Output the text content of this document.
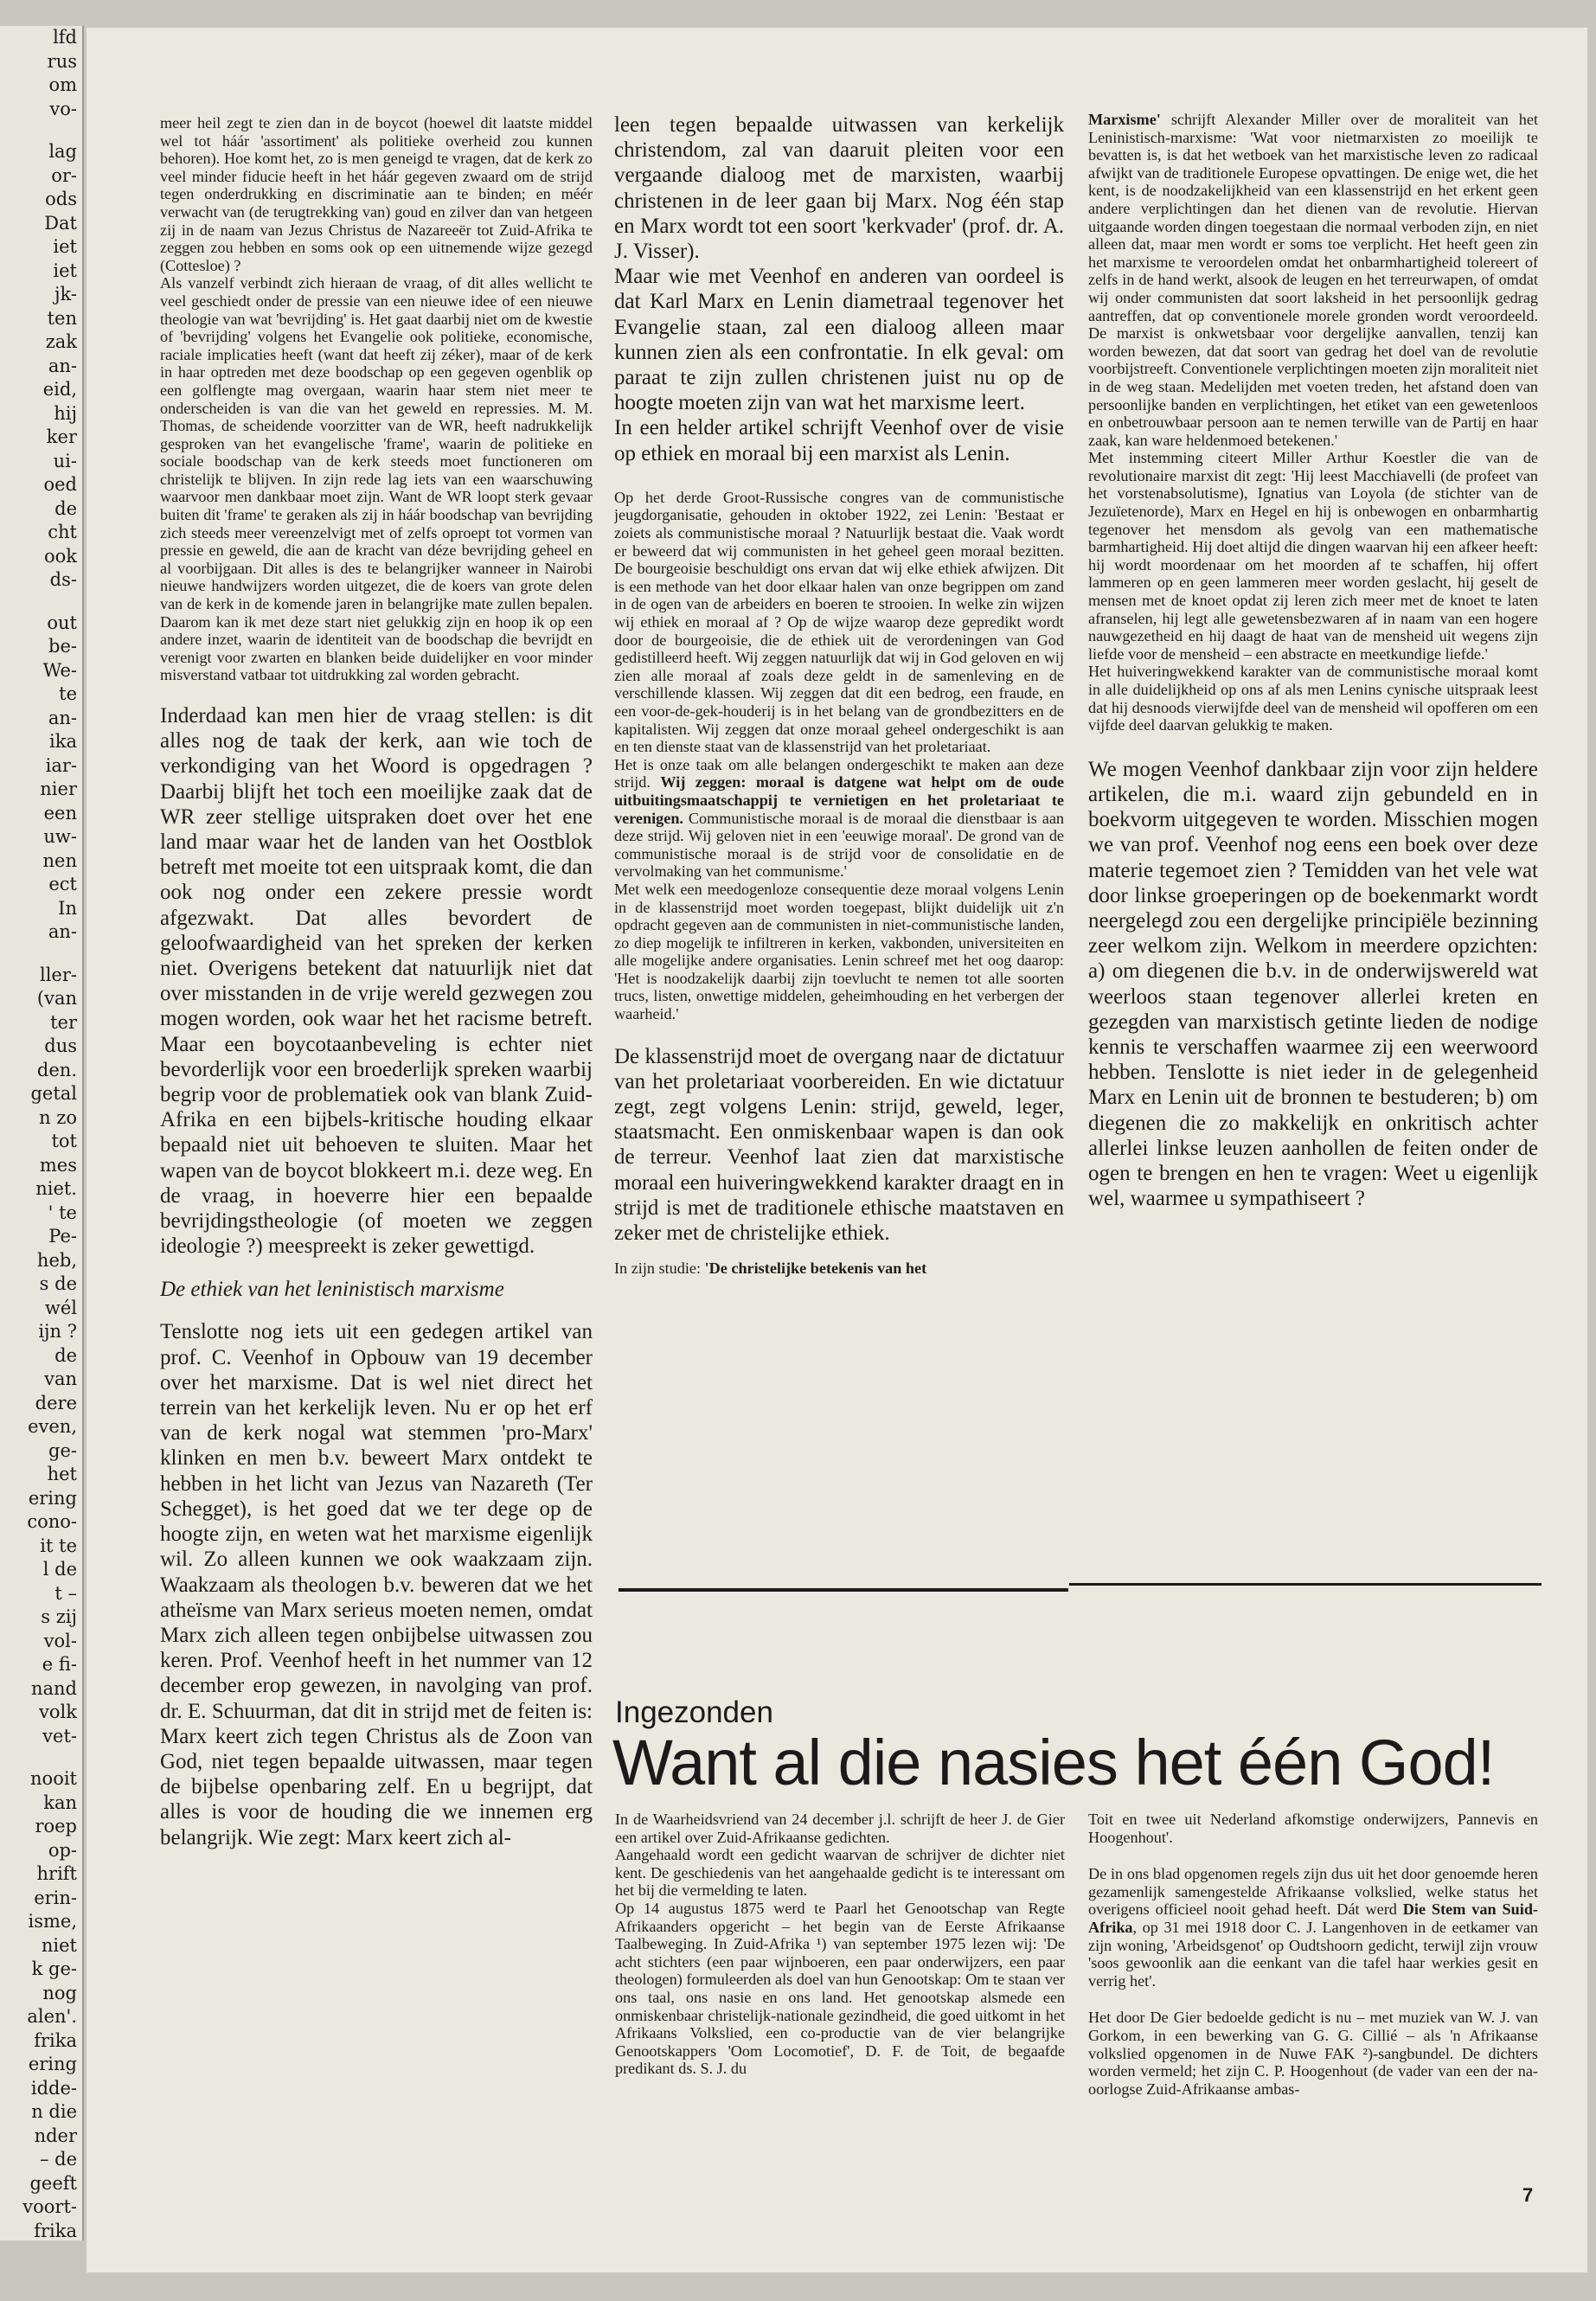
lfd
rus
om
vo-
lag
or-
ods
Dat
iet
iet
jk-
ten
zak
an-
eid,
hij
ker
ui-
oed
de
cht
ook
ds-
out
be-
We-
te
an-
ika
iar-
nier
een
uw-
nen
ect
In
an-
ller-
(van
ter
dus
den.
getal
n zo
tot
mes
niet.
' te
Pe-
heb,
s de
wél
ijn ?
de
van
dere
even,
ge-
het
ering
cono-
it te
l de
t –
s zij
vol-
e fi-
nand
volk
vet-
nooit
kan
roep
op-
hrift
erin-
isme,
niet
k ge-
nog
alen'.
frika
ering
idde-
n die
nder
– de
geeft
voort-
frika

meer heil zegt te zien dan in de boycot (hoewel dit laatste middel wel tot háár 'assortiment' als politieke overheid zou kunnen behoren). Hoe komt het, zo is men geneigd te vragen, dat de kerk zo veel minder fiducie heeft in het háár gegeven zwaard om de strijd tegen onderdrukking en discriminatie aan te binden; en méér verwacht van (de terugtrekking van) goud en zilver dan van hetgeen zij in de naam van Jezus Christus de Nazareeër tot Zuid-Afrika te zeggen zou hebben en soms ook op een uitnemende wijze gezegd (Cottesloe) ?
Als vanzelf verbindt zich hieraan de vraag, of dit alles wellicht te veel geschiedt onder de pressie van een nieuwe idee of een nieuwe theologie van wat 'bevrijding' is. Het gaat daarbij niet om de kwestie of 'bevrijding' volgens het Evangelie ook politieke, economische, raciale implicaties heeft (want dat heeft zij zéker), maar of de kerk in haar optreden met deze boodschap op een gegeven ogenblik op een golflengte mag overgaan, waarin haar stem niet meer te onderscheiden is van die van het geweld en repressies. M. M. Thomas, de scheidende voorzitter van de WR, heeft nadrukkelijk gesproken van het evangelische 'frame', waarin de politieke en sociale boodschap van de kerk steeds moet functioneren om christelijk te blijven. In zijn rede lag iets van een waarschuwing waarvoor men dankbaar moet zijn. Want de WR loopt sterk gevaar buiten dit 'frame' te geraken als zij in háár boodschap van bevrijding zich steeds meer vereenzelvigt met of zelfs oproept tot vormen van pressie en geweld, die aan de kracht van déze bevrijding geheel en al voorbijgaan. Dit alles is des te belangrijker wanneer in Nairobi nieuwe handwijzers worden uitgezet, die de koers van grote delen van de kerk in de komende jaren in belangrijke mate zullen bepalen. Daarom kan ik met deze start niet gelukkig zijn en hoop ik op een andere inzet, waarin de identiteit van de boodschap die bevrijdt en verenigt voor zwarten en blanken beide duidelijker en voor minder misverstand vatbaar tot uitdrukking zal worden gebracht.

Inderdaad kan men hier de vraag stellen: is dit alles nog de taak der kerk, aan wie toch de verkondiging van het Woord is opgedragen ? Daarbij blijft het toch een moeilijke zaak dat de WR zeer stellige uitspraken doet over het ene land maar waar het de landen van het Oostblok betreft met moeite tot een uitspraak komt, die dan ook nog onder een zekere pressie wordt afgezwakt. Dat alles bevordert de geloofwaardigheid van het spreken der kerken niet. Overigens betekent dat natuurlijk niet dat over misstanden in de vrije wereld gezwegen zou mogen worden, ook waar het het racisme betreft. Maar een boycotaanbeveling is echter niet bevorderlijk voor een broederlijk spreken waarbij begrip voor de problematiek ook van blank Zuid-Afrika en een bijbels-kritische houding elkaar bepaald niet uit behoeven te sluiten. Maar het wapen van de boycot blokkeert m.i. deze weg. En de vraag, in hoeverre hier een bepaalde bevrijdingstheologie (of moeten we zeggen ideologie ?) meespreekt is zeker gewettigd.

De ethiek van het leninistisch marxisme

Tenslotte nog iets uit een gedegen artikel van prof. C. Veenhof in Opbouw van 19 december over het marxisme. Dat is wel niet direct het terrein van het kerkelijk leven. Nu er op het erf van de kerk nogal wat stemmen 'pro-Marx' klinken en men b.v. beweert Marx ontdekt te hebben in het licht van Jezus van Nazareth (Ter Schegget), is het goed dat we ter dege op de hoogte zijn, en weten wat het marxisme eigenlijk wil. Zo alleen kunnen we ook waakzaam zijn. Waakzaam als theologen b.v. beweren dat we het atheïsme van Marx serieus moeten nemen, omdat Marx zich alleen tegen onbijbelse uitwassen zou keren. Prof. Veenhof heeft in het nummer van 12 december erop gewezen, in navolging van prof. dr. E. Schuurman, dat dit in strijd met de feiten is: Marx keert zich tegen Christus als de Zoon van God, niet tegen bepaalde uitwassen, maar tegen de bijbelse openbaring zelf. En u begrijpt, dat alles is voor de houding die we innemen erg belangrijk. Wie zegt: Marx keert zich al-

leen tegen bepaalde uitwassen van kerkelijk christendom, zal van daaruit pleiten voor een vergaande dialoog met de marxisten, waarbij christenen in de leer gaan bij Marx. Nog één stap en Marx wordt tot een soort 'kerkvader' (prof. dr. A. J. Visser).
Maar wie met Veenhof en anderen van oordeel is dat Karl Marx en Lenin diametraal tegenover het Evangelie staan, zal een dialoog alleen maar kunnen zien als een confrontatie. In elk geval: om paraat te zijn zullen christenen juist nu op de hoogte moeten zijn van wat het marxisme leert.
In een helder artikel schrijft Veenhof over de visie op ethiek en moraal bij een marxist als Lenin.

Op het derde Groot-Russische congres van de communistische jeugdorganisatie, gehouden in oktober 1922, zei Lenin: 'Bestaat er zoiets als communistische moraal ? Natuurlijk bestaat die. Vaak wordt er beweerd dat wij communisten in het geheel geen moraal bezitten. De bourgeoisie beschuldigt ons ervan dat wij elke ethiek afwijzen. Dit is een methode van het door elkaar halen van onze begrippen om zand in de ogen van de arbeiders en boeren te strooien. In welke zin wijzen wij ethiek en moraal af ? Op de wijze waarop deze gepredikt wordt door de bourgeoisie, die de ethiek uit de verordeningen van God gedistilleerd heeft. Wij zeggen natuurlijk dat wij in God geloven en wij zien alle moraal af zoals deze geldt in de samenleving en de verschillende klassen. Wij zeggen dat dit een bedrog, een fraude, en een voor-de-gek-houderij is in het belang van de grondbezitters en de kapitalisten. Wij zeggen dat onze moraal geheel ondergeschikt is aan en ten dienste staat van de klassenstrijd van het proletariaat.
Het is onze taak om alle belangen ondergeschikt te maken aan deze strijd. Wij zeggen: moraal is datgene wat helpt om de oude uitbuitingsmaatschappij te vernietigen en het proletariaat te verenigen. Communistische moraal is de moraal die dienstbaar is aan deze strijd. Wij geloven niet in een 'eeuwige moraal'. De grond van de communistische moraal is de strijd voor de consolidatie en de vervolmaking van het communisme.'
Met welk een meedogenloze consequentie deze moraal volgens Lenin in de klassenstrijd moet worden toegepast, blijkt duidelijk uit z'n opdracht gegeven aan de communisten in niet-communistische landen, zo diep mogelijk te infiltreren in kerken, vakbonden, universiteiten en alle mogelijke andere organisaties. Lenin schreef met het oog daarop: 'Het is noodzakelijk daarbij zijn toevlucht te nemen tot alle soorten trucs, listen, onwettige middelen, geheimhouding en het verbergen der waarheid.'

De klassenstrijd moet de overgang naar de dictatuur van het proletariaat voorbereiden. En wie dictatuur zegt, zegt volgens Lenin: strijd, geweld, leger, staatsmacht. Een onmiskenbaar wapen is dan ook de terreur. Veenhof laat zien dat marxistische moraal een huiveringwekkend karakter draagt en in strijd is met de traditionele ethische maatstaven en zeker met de christelijke ethiek.

In zijn studie: 'De christelijke betekenis van het

Marxisme' schrijft Alexander Miller over de moraliteit van het Leninistisch-marxisme: 'Wat voor nietmarxisten zo moeilijk te bevatten is, is dat het wetboek van het marxistische leven zo radicaal afwijkt van de traditionele Europese opvattingen. De enige wet, die het kent, is de noodzakelijkheid van een klassenstrijd en het erkent geen andere verplichtingen dan het dienen van de revolutie. Hiervan uitgaande worden dingen toegestaan die normaal verboden zijn, en niet alleen dat, maar men wordt er soms toe verplicht. Het heeft geen zin het marxisme te veroordelen omdat het onbarmhartigheid tolereert of zelfs in de hand werkt, alsook de leugen en het terreurwapen, of omdat wij onder communisten dat soort laksheid in het persoonlijk gedrag aantreffen, dat op conventionele morele gronden wordt veroordeeld. De marxist is onkwetsbaar voor dergelijke aanvallen, tenzij kan worden bewezen, dat dat soort van gedrag het doel van de revolutie voorbijstreeft. Conventionele verplichtingen moeten zijn moraliteit niet in de weg staan. Medelijden met voeten treden, het afstand doen van persoonlijke banden en verplichtingen, het etiket van een gewetenloos en onbetrouwbaar persoon aan te nemen terwille van de Partij en haar zaak, kan ware heldenmoed betekenen.'
Met instemming citeert Miller Arthur Koestler die van de revolutionaire marxist dit zegt: 'Hij leest Macchiavelli (de profeet van het vorstenabsolutisme), Ignatius van Loyola (de stichter van de Jezuïetenorde), Marx en Hegel en hij is onbewogen en onbarmhartig tegenover het mensdom als gevolg van een mathematische barmhartigheid. Hij doet altijd die dingen waarvan hij een afkeer heeft: hij wordt moordenaar om het moorden af te schaffen, hij offert lammeren op en geen lammeren meer worden geslacht, hij geselt de mensen met de knoet opdat zij leren zich meer met de knoet te laten afranselen, hij legt alle gewetensbezwaren af in naam van een hogere nauwgezetheid en hij daagt de haat van de mensheid uit wegens zijn liefde voor de mensheid – een abstracte en meetkundige liefde.'
Het huiveringwekkend karakter van de communistische moraal komt in alle duidelijkheid op ons af als men Lenins cynische uitspraak leest dat hij desnoods vierwijfde deel van de mensheid wil opofferen om een vijfde deel daarvan gelukkig te maken.

We mogen Veenhof dankbaar zijn voor zijn heldere artikelen, die m.i. waard zijn gebundeld en in boekvorm uitgegeven te worden. Misschien mogen we van prof. Veenhof nog eens een boek over deze materie tegemoet zien ? Temidden van het vele wat door linkse groeperingen op de boekenmarkt wordt neergelegd zou een dergelijke principiële bezinning zeer welkom zijn. Welkom in meerdere opzichten: a) om diegenen die b.v. in de onderwijswereld wat weerloos staan tegenover allerlei kreten en gezegden van marxistisch getinte lieden de nodige kennis te verschaffen waarmee zij een weerwoord hebben. Tenslotte is niet ieder in de gelegenheid Marx en Lenin uit de bronnen te bestuderen; b) om diegenen die zo makkelijk en onkritisch achter allerlei linkse leuzen aanhollen de feiten onder de ogen te brengen en hen te vragen: Weet u eigenlijk wel, waarmee u sympathiseert ?

Ingezonden
Want al die nasies het één God!

In de Waarheidsvriend van 24 december j.l. schrijft de heer J. de Gier een artikel over Zuid-Afrikaanse gedichten.
Aangehaald wordt een gedicht waarvan de schrijver de dichter niet kent. De geschiedenis van het aangehaalde gedicht is te interessant om het bij die vermelding te laten.
Op 14 augustus 1875 werd te Paarl het Genootschap van Regte Afrikaanders opgericht – het begin van de Eerste Afrikaanse Taalbeweging. In Zuid-Afrika ¹) van september 1975 lezen wij: 'De acht stichters (een paar wijnboeren, een paar onderwijzers, een paar theologen) formuleerden als doel van hun Genootskap: Om te staan ver ons taal, ons nasie en ons land. Het genootskap alsmede een onmiskenbaar christelijk-nationale gezindheid, die goed uitkomt in het Afrikaans Volkslied, een co-productie van de vier belangrijke Genootskappers 'Oom Locomotief', D. F. de Toit, de begaafde predikant ds. S. J. du

Toit en twee uit Nederland afkomstige onderwijzers, Pannevis en Hoogenhout'.

De in ons blad opgenomen regels zijn dus uit het door genoemde heren gezamenlijk samengestelde Afrikaanse volkslied, welke status het overigens officieel nooit gehad heeft. Dát werd Die Stem van Suid-Afrika, op 31 mei 1918 door C. J. Langenhoven in de eetkamer van zijn woning, 'Arbeidsgenot' op Oudtshoorn gedicht, terwijl zijn vrouw 'soos gewoonlik aan die eenkant van die tafel haar werkies gesit en verrig het'.

Het door De Gier bedoelde gedicht is nu – met muziek van W. J. van Gorkom, in een bewerking van G. G. Cillié – als 'n Afrikaanse volkslied opgenomen in de Nuwe FAK ²)-sangbundel. De dichters worden vermeld; het zijn C. P. Hoogenhout (de vader van een der na-oorlogse Zuid-Afrikaanse ambas-

7
